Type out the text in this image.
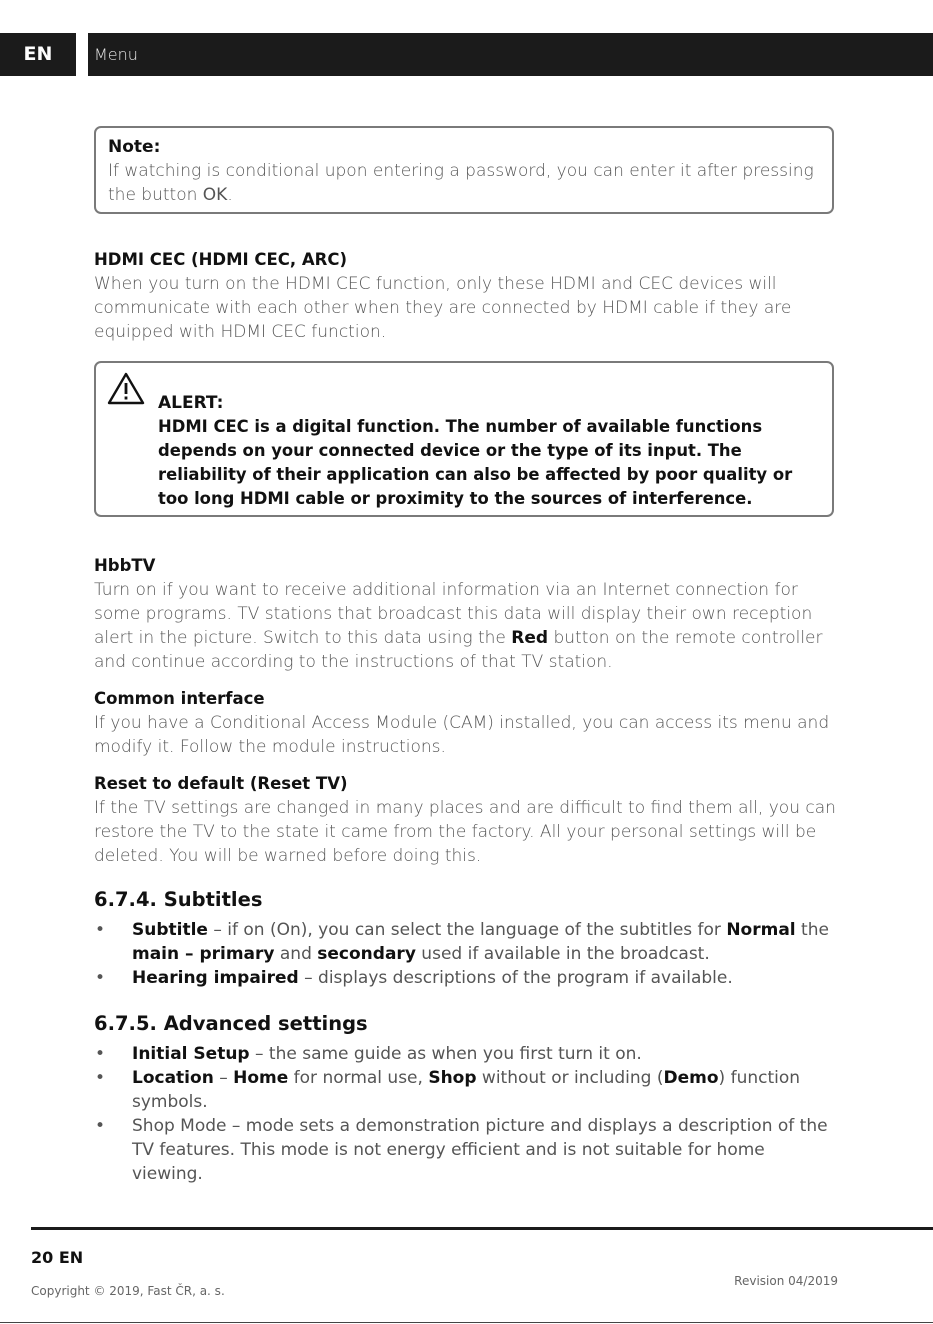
EN	Menu
Note:
If watching is conditional upon entering a password, you can enter it after pressing the button OK.
HDMI CEC (HDMI CEC, ARC)
When you turn on the HDMI CEC function, only these HDMI and CEC devices will communicate with each other when they are connected by HDMI cable if they are equipped with HDMI CEC function.
ALERT:
HDMI CEC is a digital function. The number of available functions depends on your connected device or the type of its input. The reliability of their application can also be affected by poor quality or too long HDMI cable or proximity to the sources of interference.
HbbTV
Turn on if you want to receive additional information via an Internet connection for some programs. TV stations that broadcast this data will display their own reception alert in the picture. Switch to this data using the Red button on the remote controller and continue according to the instructions of that TV station.
Common interface
If you have a Conditional Access Module (CAM) installed, you can access its menu and modify it. Follow the module instructions.
Reset to default (Reset TV)
If the TV settings are changed in many places and are difficult to find them all, you can restore the TV to the state it came from the factory. All your personal settings will be deleted. You will be warned before doing this.
6.7.4. Subtitles
• Subtitle – if on (On), you can select the language of the subtitles for Normal the main – primary and secondary used if available in the broadcast.
• Hearing impaired – displays descriptions of the program if available.
6.7.5. Advanced settings
• Initial Setup – the same guide as when you first turn it on.
• Location – Home for normal use, Shop without or including (Demo) function symbols.
• Shop Mode – mode sets a demonstration picture and displays a description of the TV features. This mode is not energy efficient and is not suitable for home viewing.
20 EN
Copyright © 2019, Fast ČR, a. s.
Revision 04/2019
